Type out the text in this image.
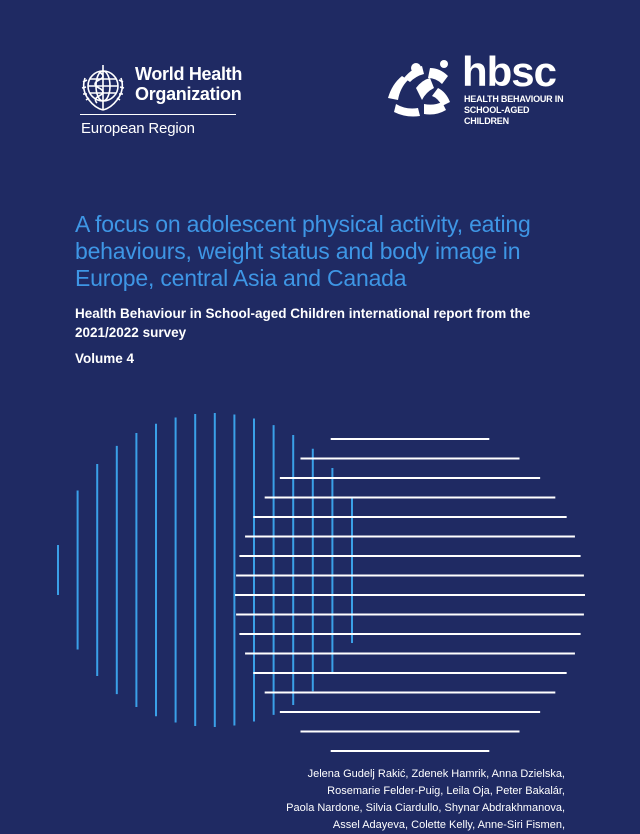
World Health
Organization
European Region
hbsc
HEALTH BEHAVIOUR IN
SCHOOL-AGED CHILDREN
A focus on adolescent physical activity, eating behaviours, weight status and body image in Europe, central Asia and Canada

Health Behaviour in School-aged Children international report from the 2021/2022 survey

Volume 4
Jelena Gudelj Rakić, Zdenek Hamrik, Anna Dzielska,
Rosemarie Felder-Puig, Leila Oja, Peter Bakalár,
Paola Nardone, Silvia Ciardullo, Shynar Abdrakhmanova,
Assel Adayeva, Colette Kelly, Anne-Siri Fismen,
